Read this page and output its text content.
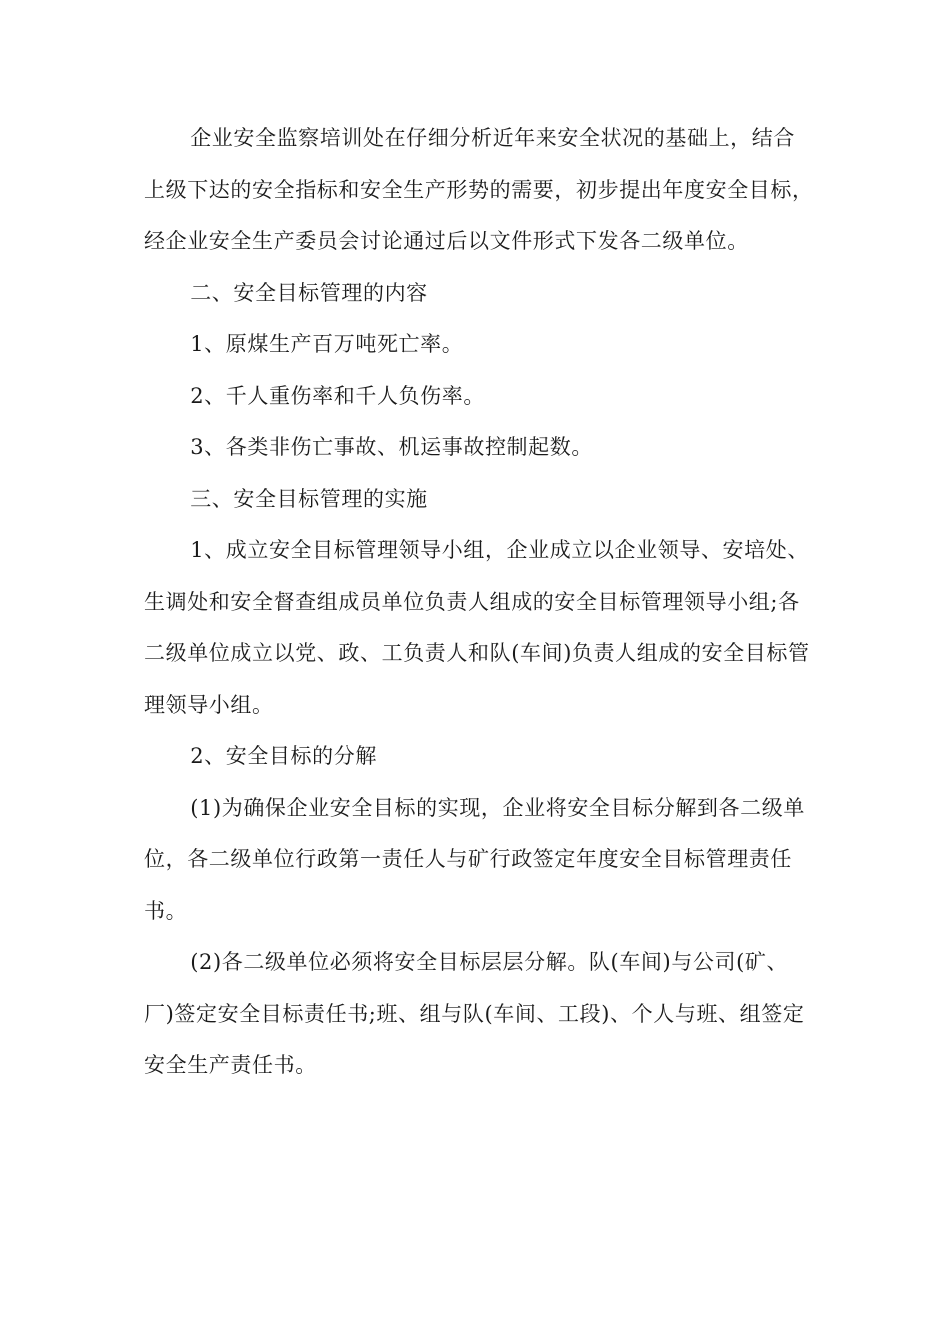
企业安全监察培训处在仔细分析近年来安全状况的基础上，结合上级下达的安全指标和安全生产形势的需要，初步提出年度安全目标，经企业安全生产委员会讨论通过后以文件形式下发各二级单位。

二、安全目标管理的内容

1、原煤生产百万吨死亡率。

2、千人重伤率和千人负伤率。

3、各类非伤亡事故、机运事故控制起数。

三、安全目标管理的实施

1、成立安全目标管理领导小组，企业成立以企业领导、安培处、生调处和安全督查组成员单位负责人组成的安全目标管理领导小组;各二级单位成立以党、政、工负责人和队(车间)负责人组成的安全目标管理领导小组。

2、安全目标的分解

(1)为确保企业安全目标的实现，企业将安全目标分解到各二级单位，各二级单位行政第一责任人与矿行政签定年度安全目标管理责任书。

(2)各二级单位必须将安全目标层层分解。队(车间)与公司(矿、厂)签定安全目标责任书;班、组与队(车间、工段)、个人与班、组签定安全生产责任书。
